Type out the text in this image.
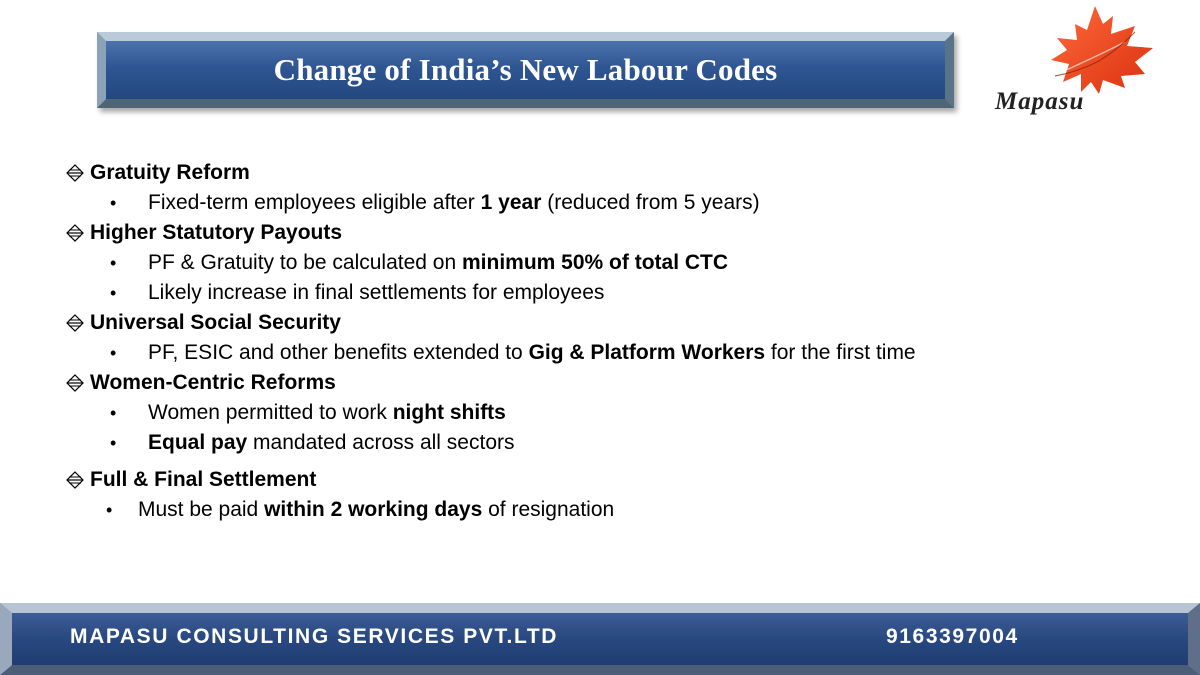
Change of India’s New Labour Codes
Mapasu
Gratuity Reform
•	Fixed-term employees eligible after 1 year (reduced from 5 years)
Higher Statutory Payouts
•	PF & Gratuity to be calculated on minimum 50% of total CTC
•	Likely increase in final settlements for employees
Universal Social Security
•	PF, ESIC and other benefits extended to Gig & Platform Workers for the first time
Women-Centric Reforms
•	Women permitted to work night shifts
•	Equal pay mandated across all sectors
Full & Final Settlement
•	Must be paid within 2 working days of resignation
MAPASU CONSULTING SERVICES PVT.LTD	9163397004
